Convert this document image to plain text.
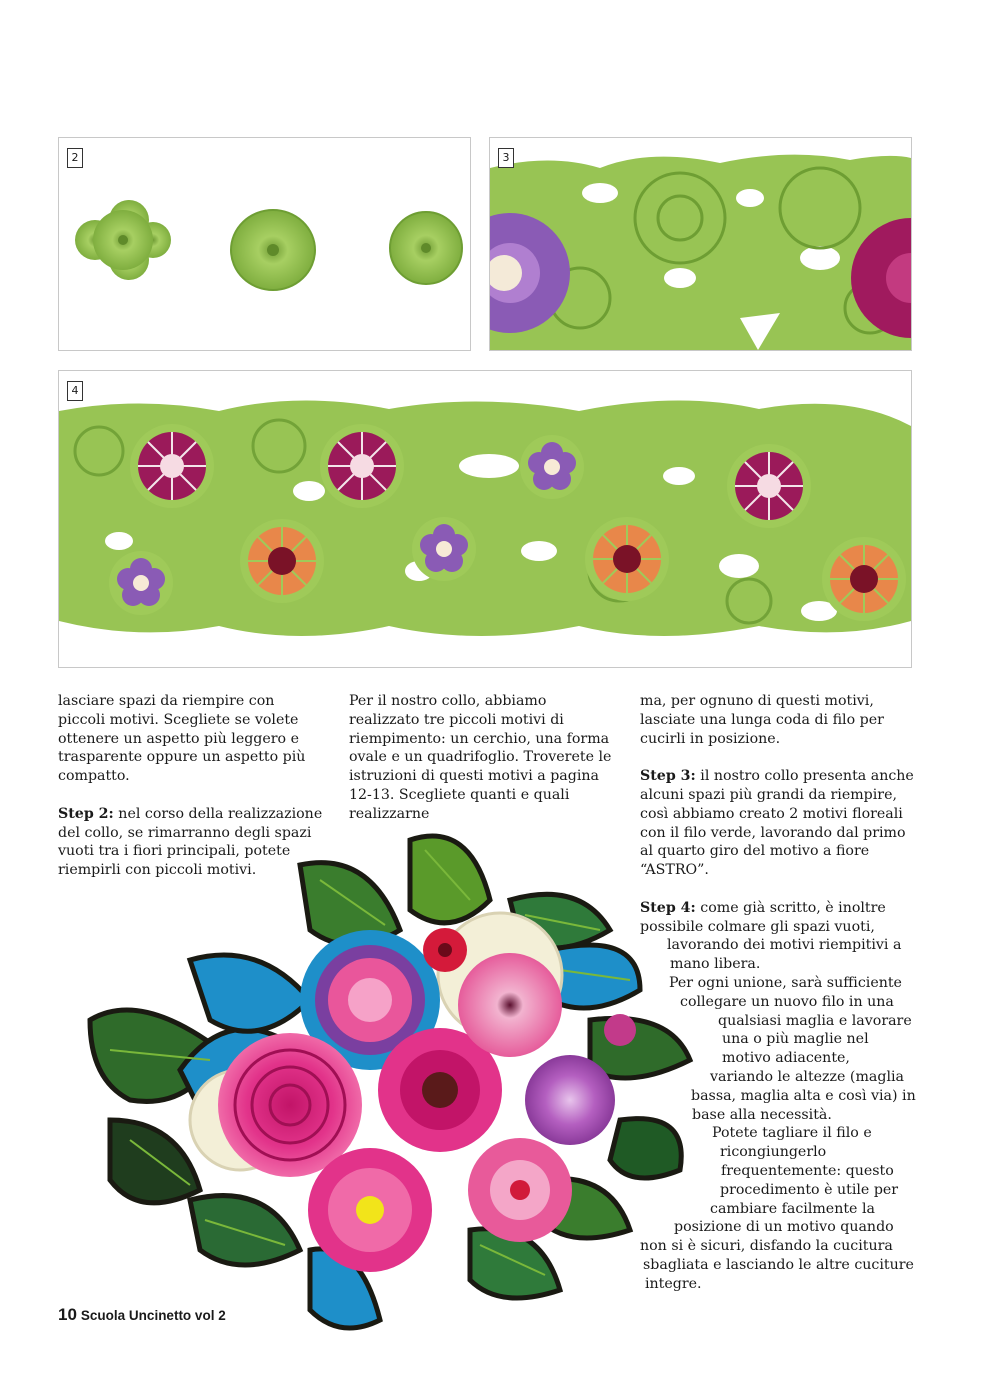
2	3
4

lasciare spazi da riempire con piccoli motivi. Scegliete se volete ottenere un aspetto più leggero e trasparente oppure un aspetto più compatto.

Step 2: nel corso della realizzazione del collo, se rimarranno degli spazi vuoti tra i fiori principali, potete riempirli con piccoli motivi.

Per il nostro collo, abbiamo realizzato tre piccoli motivi di riempimento: un cerchio, una forma ovale e un quadrifoglio. Troverete le istruzioni di questi motivi a pagina 12-13. Scegliete quanti e quali realizzarne

ma, per ognuno di questi motivi, lasciate una lunga coda di filo per cucirli in posizione.

Step 3: il nostro collo presenta anche alcuni spazi più grandi da riempire, così abbiamo creato 2 motivi floreali con il filo verde, lavorando dal primo al quarto giro del motivo a fiore “ASTRO”.

Step 4: come già scritto, è inoltre
possibile colmare gli spazi vuoti,
lavorando dei motivi riempitivi a
mano libera.
Per ogni unione, sarà sufficiente
collegare un nuovo filo in una
qualsiasi maglia e lavorare
una o più maglie nel
motivo adiacente,
variando le altezze (maglia
bassa, maglia alta e così via) in
base alla necessità.
Potete tagliare il filo e
ricongiungerlo
frequentemente: questo
procedimento è utile per
cambiare facilmente la
posizione di un motivo quando
non si è sicuri, disfando la cucitura
sbagliata e lasciando le altre cuciture
integre.
10 Scuola Uncinetto vol 2
